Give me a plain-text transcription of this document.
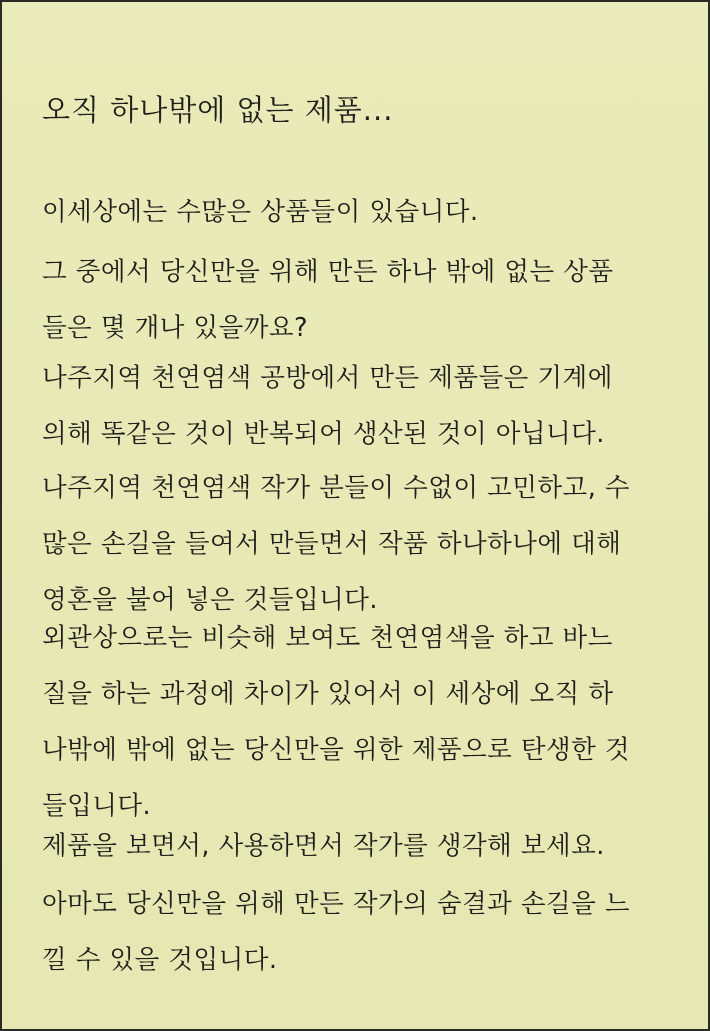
오직 하나밖에 없는 제품...

이세상에는 수많은 상품들이 있습니다.

그 중에서 당신만을 위해 만든 하나 밖에 없는 상품
들은 몇 개나 있을까요?

나주지역 천연염색 공방에서 만든 제품들은 기계에
의해 똑같은 것이 반복되어 생산된 것이 아닙니다.

나주지역 천연염색 작가 분들이 수없이 고민하고, 수
많은 손길을 들여서 만들면서 작품 하나하나에 대해
영혼을 불어 넣은 것들입니다.

외관상으로는 비슷해 보여도 천연염색을 하고 바느
질을 하는 과정에 차이가 있어서 이 세상에 오직 하
나밖에 밖에 없는 당신만을 위한 제품으로 탄생한 것
들입니다.

제품을 보면서, 사용하면서 작가를 생각해 보세요.

아마도 당신만을 위해 만든 작가의 숨결과 손길을 느
낄 수 있을 것입니다.
